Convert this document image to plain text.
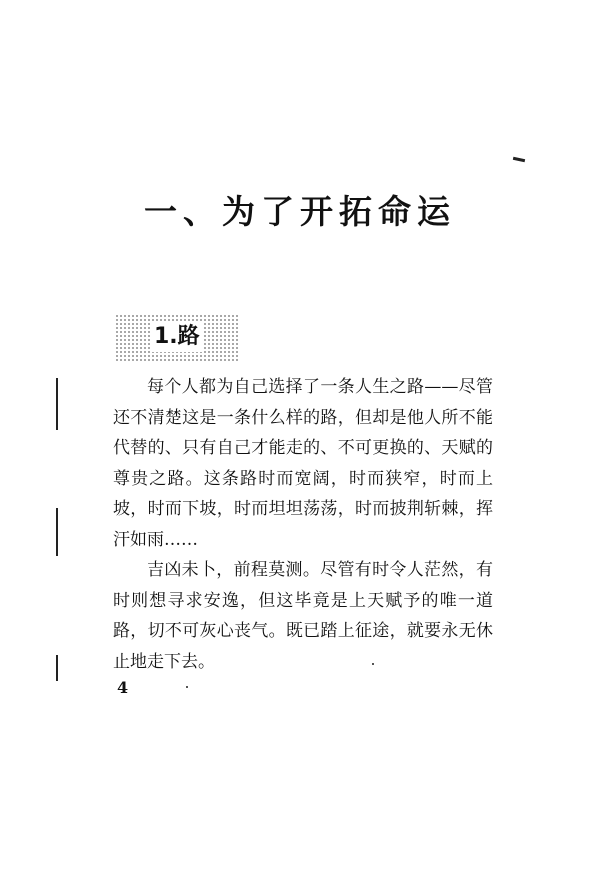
一、为了开拓命运
1.路

每个人都为自己选择了一条人生之路——尽管还不清楚这是一条什么样的路，但却是他人所不能代替的、只有自己才能走的、不可更换的、天赋的尊贵之路。这条路时而宽阔，时而狭窄，时而上坡，时而下坡，时而坦坦荡荡，时而披荆斩棘，挥汗如雨……

吉凶未卜，前程莫测。尽管有时令人茫然，有时则想寻求安逸，但这毕竟是上天赋予的唯一道路，切不可灰心丧气。既已踏上征途，就要永无休止地走下去。

4
